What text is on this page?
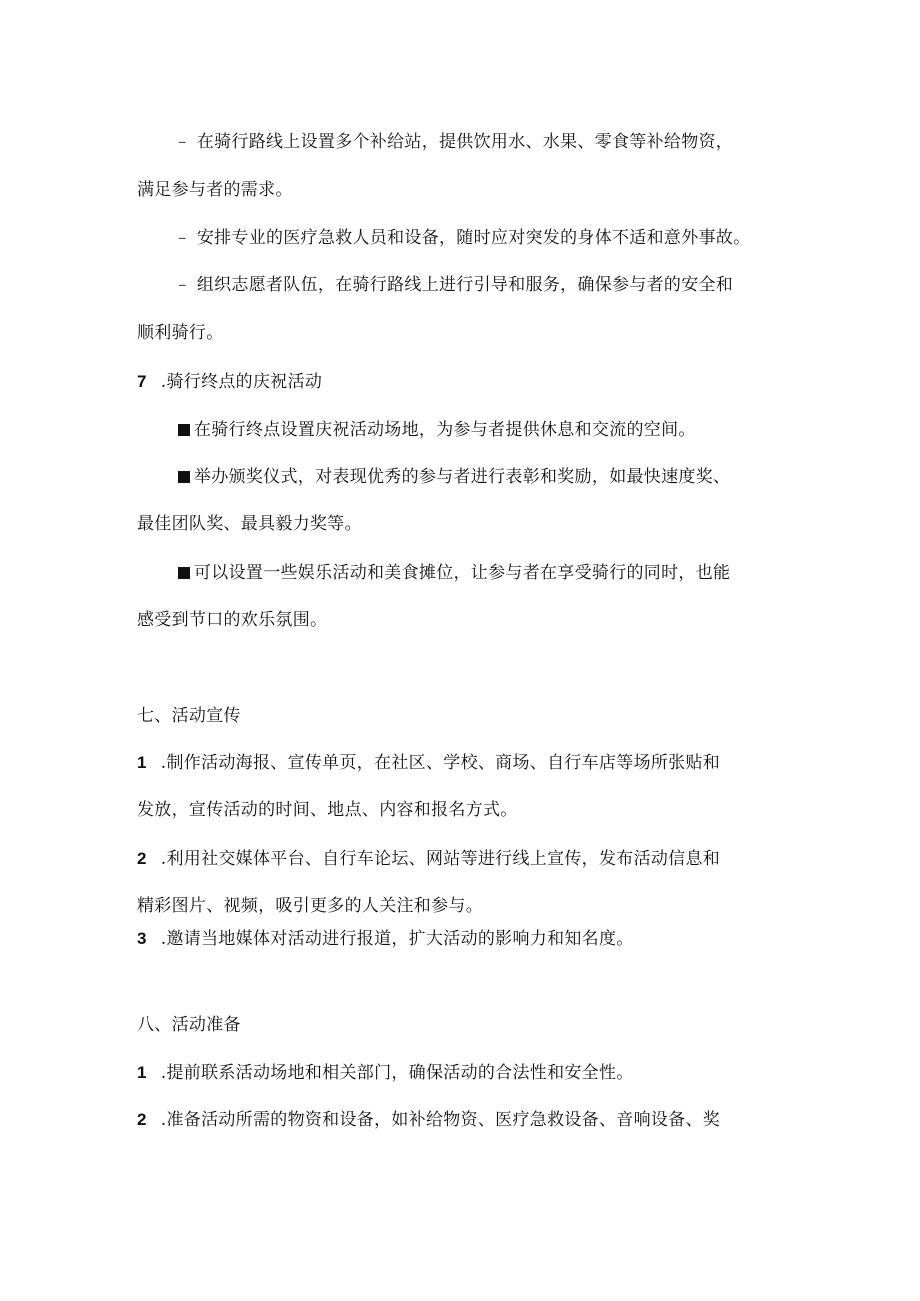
– 在骑行路线上设置多个补给站，提供饮用水、水果、零食等补给物资，
满足参与者的需求。
– 安排专业的医疗急救人员和设备，随时应对突发的身体不适和意外事故。
– 组织志愿者队伍，在骑行路线上进行引导和服务，确保参与者的安全和
顺利骑行。
7 .骑行终点的庆祝活动
在骑行终点设置庆祝活动场地，为参与者提供休息和交流的空间。
举办颁奖仪式，对表现优秀的参与者进行表彰和奖励，如最快速度奖、
最佳团队奖、最具毅力奖等。
可以设置一些娱乐活动和美食摊位，让参与者在享受骑行的同时，也能
感受到节口的欢乐氛围。
七、活动宣传
1 .制作活动海报、宣传单页，在社区、学校、商场、自行车店等场所张贴和
发放，宣传活动的时间、地点、内容和报名方式。
2 .利用社交媒体平台、自行车论坛、网站等进行线上宣传，发布活动信息和
精彩图片、视频，吸引更多的人关注和参与。
3 .邀请当地媒体对活动进行报道，扩大活动的影响力和知名度。
八、活动准备
1 .提前联系活动场地和相关部门，确保活动的合法性和安全性。
2 .准备活动所需的物资和设备，如补给物资、医疗急救设备、音响设备、奖
